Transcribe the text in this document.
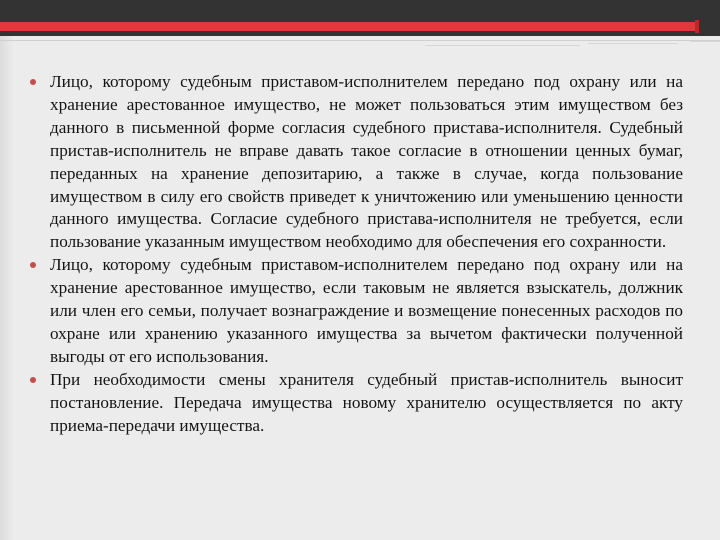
Лицо, которому судебным приставом-исполнителем передано под охрану или на хранение арестованное имущество, не может пользоваться этим имуществом без данного в письменной форме согласия судебного пристава-исполнителя. Судебный пристав-исполнитель не вправе давать такое согласие в отношении ценных бумаг, переданных на хранение депозитарию, а также в случае, когда пользование имуществом в силу его свойств приведет к уничтожению или уменьшению ценности данного имущества. Согласие судебного пристава-исполнителя не требуется, если пользование указанным имуществом необходимо для обеспечения его сохранности.
Лицо, которому судебным приставом-исполнителем передано под охрану или на хранение арестованное имущество, если таковым не является взыскатель, должник или член его семьи, получает вознаграждение и возмещение понесенных расходов по охране или хранению указанного имущества за вычетом фактически полученной выгоды от его использования.
При необходимости смены хранителя судебный пристав-исполнитель выносит постановление. Передача имущества новому хранителю осуществляется по акту приема-передачи имущества.
